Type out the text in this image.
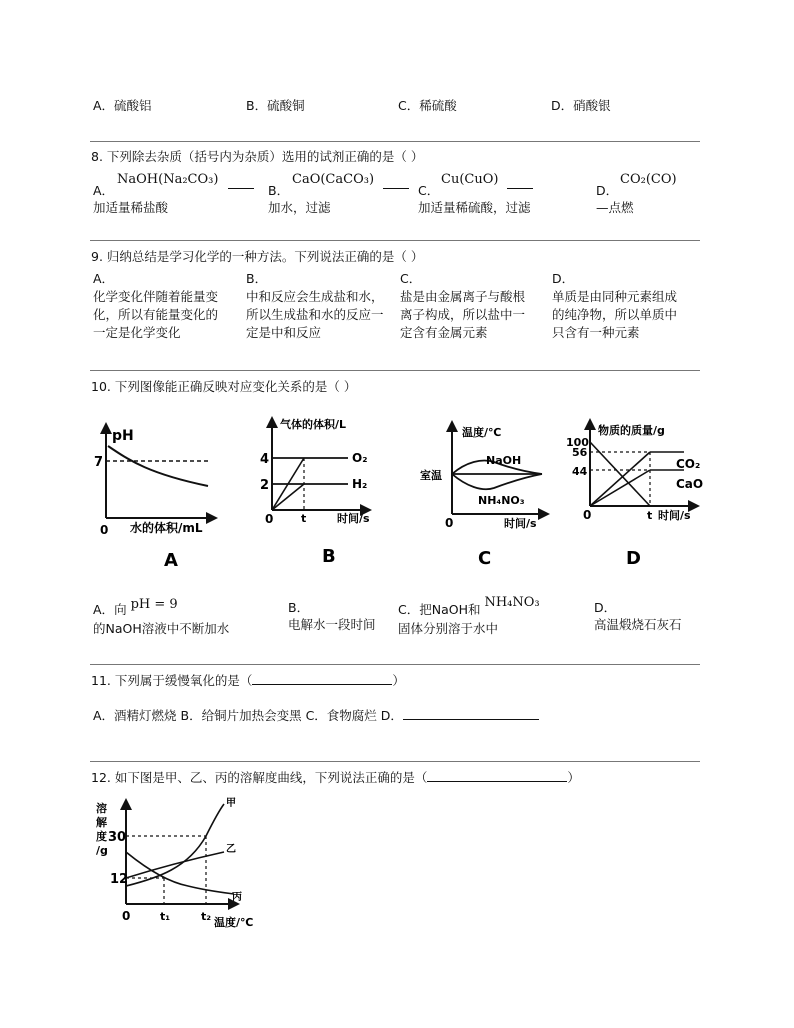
A．硫酸铝	B．硫酸铜	C．稀硫酸	D．硝酸银
8. 下列除去杂质（括号内为杂质）选用的试剂正确的是（ ）
A．
NaOH(Na₂CO₃)
加适量稀盐酸
B．
CaO(CaCO₃)
加水，过滤
C．
Cu(CuO)
加适量稀硫酸，过滤
D．
CO₂(CO)
—点燃
9. 归纳总结是学习化学的一种方法。下列说法正确的是（ ）
A．
化学变化伴随着能量变
化，所以有能量变化的
一定是化学变化
B．
中和反应会生成盐和水，
所以生成盐和水的反应一
定是中和反应
C．
盐是由金属离子与酸根
离子构成，所以盐中一
定含有金属元素
D．
单质是由同种元素组成
的纯净物，所以单质中
只含有一种元素
10. 下列图像能正确反映对应变化关系的是（ ）
pH
7
0 水的体积/mL
A
气体的体积/L
4
2
O₂
H₂
0	t	时间/s
B
温度/℃
室温
NaOH
NH₄NO₃
0	时间/s
C
物质的质量/g
100
56
44
CO₂
CaO
0	t 时间/s
D
A．向 pH = 9
的NaOH溶液中不断加水
B．
电解水一段时间
C．把NaOH和 NH₄NO₃
固体分别溶于水中
D．
高温煅烧石灰石
11. 下列属于缓慢氧化的是（	）
A．酒精灯燃烧 B．给铜片加热会变黑 C．食物腐烂 D．
12. 如下图是甲、乙、丙的溶解度曲线，下列说法正确的是（	）
溶
解
度
/g
30
12
甲
乙
丙
0	t₁	t₂ 温度/℃
